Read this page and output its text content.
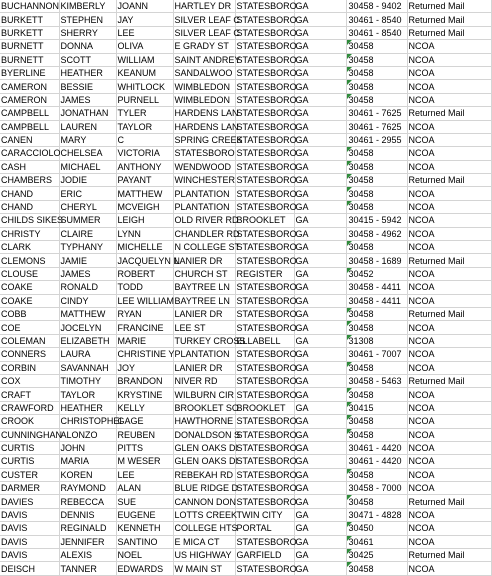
BUCHANNON	KIMBERLY	JOANN	HARTLEY DR	STATESBORO	GA	30458 - 9402	Returned Mail
BURKETT	STEPHEN	JAY	SILVER LEAF C	STATESBORO	GA	30461 - 8540	Returned Mail
BURKETT	SHERRY	LEE	SILVER LEAF C	STATESBORO	GA	30461 - 8540	Returned Mail
BURNETT	DONNA	OLIVA	E GRADY ST	STATESBORO	GA	30458	NCOA
BURNETT	SCOTT	WILLIAM	SAINT ANDREY	STATESBORO	GA	30458	NCOA
BYERLINE	HEATHER	KEANUM	SANDALWOO	STATESBORO	GA	30458	NCOA
CAMERON	BESSIE	WHITLOCK	WIMBLEDON	STATESBORO	GA	30458	NCOA
CAMERON	JAMES	PURNELL	WIMBLEDON	STATESBORO	GA	30458	NCOA
CAMPBELL	JONATHAN	TYLER	HARDENS LAN	STATESBORO	GA	30461 - 7625	Returned Mail
CAMPBELL	LAUREN	TAYLOR	HARDENS LAN	STATESBORO	GA	30461 - 7625	NCOA
CANEN	MARY	C	SPRING CREEK	STATESBORO	GA	30461 - 2955	NCOA
CARACCIOLO	CHELSEA	VICTORIA	STATESBORO	STATESBORO	GA	30458	NCOA
CASH	MICHAEL	ANTHONY	WENDWOOD	STATESBORO	GA	30458	NCOA
CHAMBERS	JODIE	PAYANT	WINCHESTER	STATESBORO	GA	30458	Returned Mail
CHAND	ERIC	MATTHEW	PLANTATION	STATESBORO	GA	30458	NCOA
CHAND	CHERYL	MCVEIGH	PLANTATION	STATESBORO	GA	30458	NCOA
CHILDS SIKES	SUMMER	LEIGH	OLD RIVER RD	BROOKLET	GA	30415 - 5942	NCOA
CHRISTY	CLAIRE	LYNN	CHANDLER RD	STATESBORO	GA	30458 - 4962	NCOA
CLARK	TYPHANY	MICHELLE	N COLLEGE ST	STATESBORO	GA	30458	NCOA
CLEMONS	JAMIE	JACQUELYN N	LANIER DR	STATESBORO	GA	30458 - 1689	Returned Mail
CLOUSE	JAMES	ROBERT	CHURCH ST	REGISTER	GA	30452	NCOA
COAKE	RONALD	TODD	BAYTREE LN	STATESBORO	GA	30458 - 4411	NCOA
COAKE	CINDY	LEE WILLIAM	BAYTREE LN	STATESBORO	GA	30458 - 4411	NCOA
COBB	MATTHEW	RYAN	LANIER DR	STATESBORO	GA	30458	Returned Mail
COE	JOCELYN	FRANCINE	LEE ST	STATESBORO	GA	30458	NCOA
COLEMAN	ELIZABETH	MARIE	TURKEY CROSS	ELLABELL	GA	31308	NCOA
CONNERS	LAURA	CHRISTINE Y	PLANTATION	STATESBORO	GA	30461 - 7007	NCOA
CORBIN	SAVANNAH	JOY	LANIER DR	STATESBORO	GA	30458	NCOA
COX	TIMOTHY	BRANDON	NIVER RD	STATESBORO	GA	30458 - 5463	Returned Mail
CRAFT	TAYLOR	KRYSTINE	WILBURN CIR	STATESBORO	GA	30458	NCOA
CRAWFORD	HEATHER	KELLY	BROOKLET SO	BROOKLET	GA	30415	NCOA
CROOK	CHRISTOPHEI	GAGE	HAWTHORNE	STATESBORO	GA	30458	NCOA
CUNNINGHAN	ALONZO	REUBEN	DONALDSON S	STATESBORO	GA	30458	NCOA
CURTIS	JOHN	PITTS	GLEN OAKS DI	STATESBORO	GA	30461 - 4420	NCOA
CURTIS	MARIA	M WESER	GLEN OAKS DI	STATESBORO	GA	30461 - 4420	NCOA
CUSTER	KOREN	LEE	REBEKAH RD	STATESBORO	GA	30458	NCOA
DARMER	RAYMOND	ALAN	BLUE RIDGE D	STATESBORO	GA	30458 - 7000	NCOA
DAVIES	REBECCA	SUE	CANNON DON	STATESBORO	GA	30458	Returned Mail
DAVIS	DENNIS	EUGENE	LOTTS CREEK	TWIN CITY	GA	30471 - 4828	NCOA
DAVIS	REGINALD	KENNETH	COLLEGE HTS	PORTAL	GA	30450	NCOA
DAVIS	JENNIFER	SANTINO	E MICA CT	STATESBORO	GA	30461	NCOA
DAVIS	ALEXIS	NOEL	US HIGHWAY	GARFIELD	GA	30425	Returned Mail
DEISCH	TANNER	EDWARDS	W MAIN ST	STATESBORO	GA	30458	NCOA
